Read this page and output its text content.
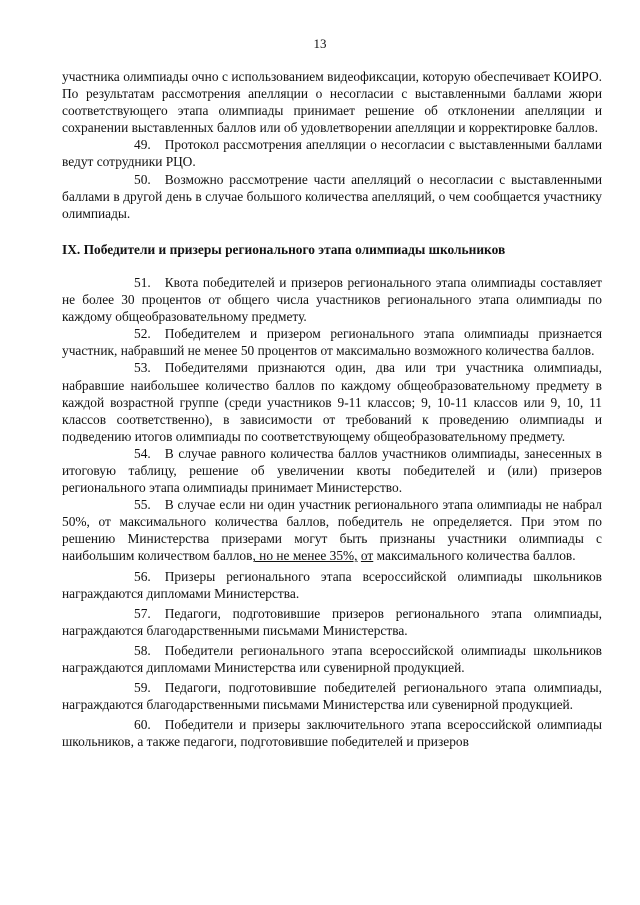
13

участника олимпиады очно с использованием видеофиксации, которую обеспечивает КОИРО. По результатам рассмотрения апелляции о несогласии с выставленными баллами жюри соответствующего этапа олимпиады принимает решение об отклонении апелляции и сохранении выставленных баллов или об удовлетворении апелляции и корректировке баллов.

49. Протокол рассмотрения апелляции о несогласии с выставленными баллами ведут сотрудники РЦО.

50. Возможно рассмотрение части апелляций о несогласии с выставленными баллами в другой день в случае большого количества апелляций, о чем сообщается участнику олимпиады.

IX. Победители и призеры регионального этапа олимпиады школьников

51. Квота победителей и призеров регионального этапа олимпиады составляет не более 30 процентов от общего числа участников регионального этапа олимпиады по каждому общеобразовательному предмету.

52. Победителем и призером регионального этапа олимпиады признается участник, набравший не менее 50 процентов от максимально возможного количества баллов.

53. Победителями признаются один, два или три участника олимпиады, набравшие наибольшее количество баллов по каждому общеобразовательному предмету в каждой возрастной группе (среди участников 9-11 классов; 9, 10-11 классов или 9, 10, 11 классов соответственно), в зависимости от требований к проведению олимпиады и подведению итогов олимпиады по соответствующему общеобразовательному предмету.

54. В случае равного количества баллов участников олимпиады, занесенных в итоговую таблицу, решение об увеличении квоты победителей и (или) призеров регионального этапа олимпиады принимает Министерство.

55. В случае если ни один участник регионального этапа олимпиады не набрал 50%, от максимального количества баллов, победитель не определяется. При этом по решению Министерства призерами могут быть признаны участники олимпиады с наибольшим количеством баллов, но не менее 35%, от максимального количества баллов.

56. Призеры регионального этапа всероссийской олимпиады школьников награждаются дипломами Министерства.

57. Педагоги, подготовившие призеров регионального этапа олимпиады, награждаются благодарственными письмами Министерства.

58. Победители регионального этапа всероссийской олимпиады школьников награждаются дипломами Министерства или сувенирной продукцией.

59. Педагоги, подготовившие победителей регионального этапа олимпиады, награждаются благодарственными письмами Министерства или сувенирной продукцией.

60. Победители и призеры заключительного этапа всероссийской олимпиады школьников, а также педагоги, подготовившие победителей и призеров
